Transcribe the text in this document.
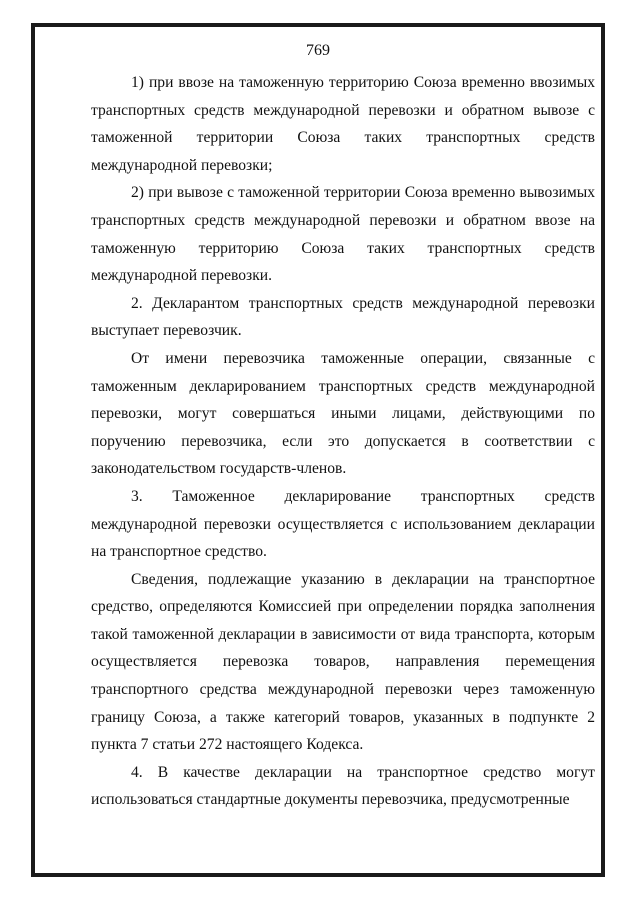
769

1) при ввозе на таможенную территорию Союза временно ввозимых транспортных средств международной перевозки и обратном вывозе с таможенной территории Союза таких транспортных средств международной перевозки;

2) при вывозе с таможенной территории Союза временно вывозимых транспортных средств международной перевозки и обратном ввозе на таможенную территорию Союза таких транспортных средств международной перевозки.

2. Декларантом транспортных средств международной перевозки выступает перевозчик.

От имени перевозчика таможенные операции, связанные с таможенным декларированием транспортных средств международной перевозки, могут совершаться иными лицами, действующими по поручению перевозчика, если это допускается в соответствии с законодательством государств-членов.

3. Таможенное декларирование транспортных средств международной перевозки осуществляется с использованием декларации на транспортное средство.

Сведения, подлежащие указанию в декларации на транспортное средство, определяются Комиссией при определении порядка заполнения такой таможенной декларации в зависимости от вида транспорта, которым осуществляется перевозка товаров, направления перемещения транспортного средства международной перевозки через таможенную границу Союза, а также категорий товаров, указанных в подпункте 2 пункта 7 статьи 272 настоящего Кодекса.

4. В качестве декларации на транспортное средство могут использоваться стандартные документы перевозчика, предусмотренные
